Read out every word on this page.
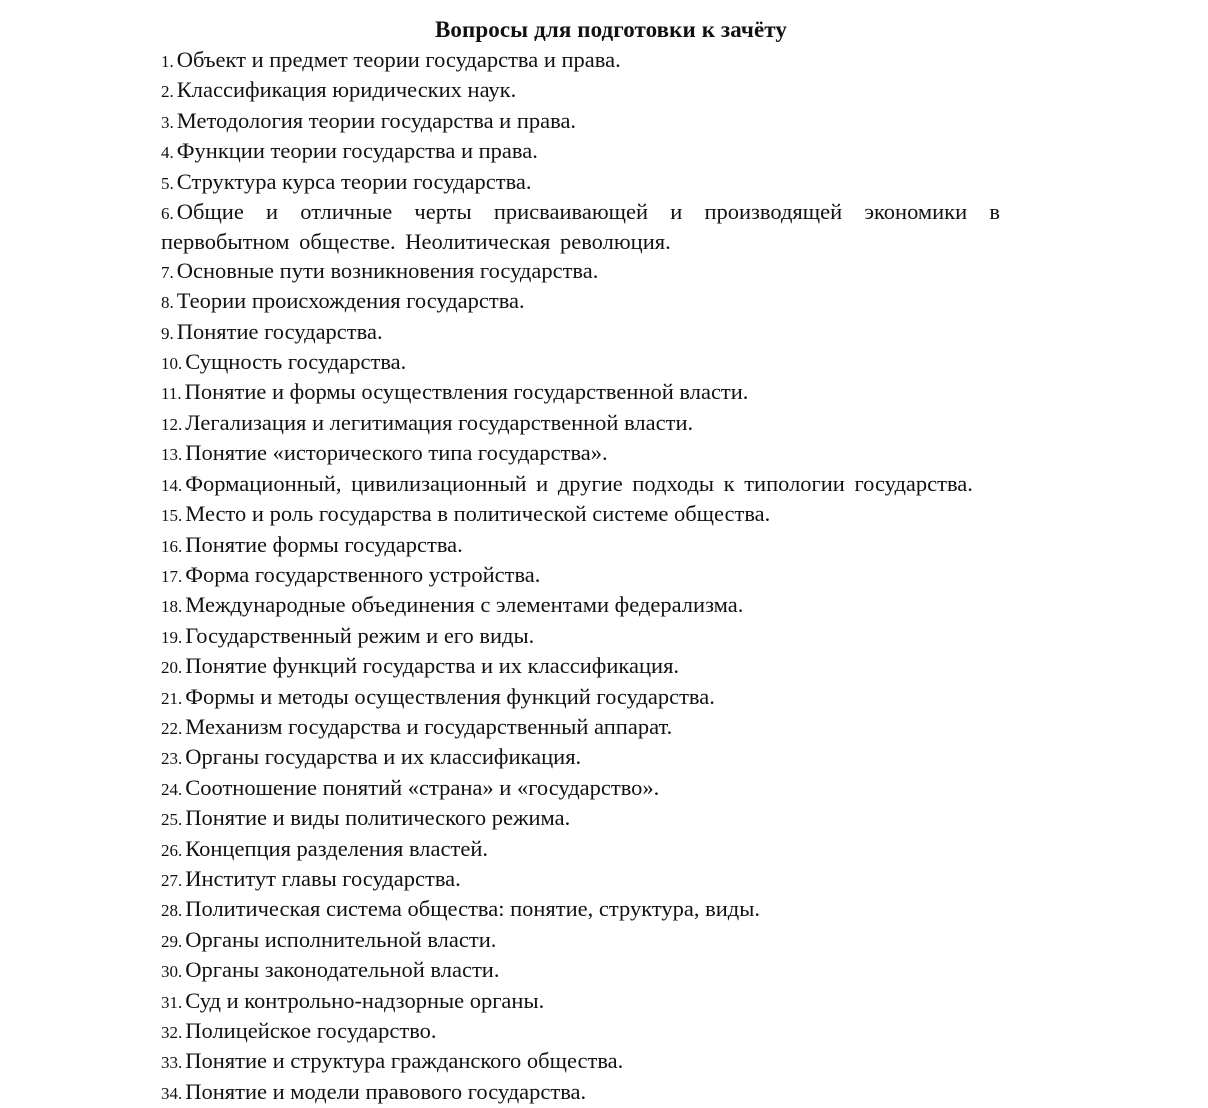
Вопросы для подготовки к зачёту
1. Объект и предмет теории государства и права.
2. Классификация юридических наук.
3. Методология теории государства и права.
4. Функции теории государства и права.
5. Структура курса теории государства.
6. Общие и отличные черты присваивающей и производящей экономики в первобытном обществе. Неолитическая революция.
7. Основные пути возникновения государства.
8. Теории происхождения государства.
9. Понятие государства.
10. Сущность государства.
11. Понятие и формы осуществления государственной власти.
12. Легализация и легитимация государственной власти.
13. Понятие «исторического типа государства».
14. Формационный, цивилизационный и другие подходы к типологии государства.
15. Место и роль государства в политической системе общества.
16. Понятие формы государства.
17. Форма государственного устройства.
18. Международные объединения с элементами федерализма.
19. Государственный режим и его виды.
20. Понятие функций государства и их классификация.
21. Формы и методы осуществления функций государства.
22. Механизм государства и государственный аппарат.
23. Органы государства и их классификация.
24. Соотношение понятий «страна» и «государство».
25. Понятие и виды политического режима.
26. Концепция разделения властей.
27. Институт главы государства.
28. Политическая система общества: понятие, структура, виды.
29. Органы исполнительной власти.
30. Органы законодательной власти.
31. Суд и контрольно-надзорные органы.
32. Полицейское государство.
33. Понятие и структура гражданского общества.
34. Понятие и модели правового государства.
